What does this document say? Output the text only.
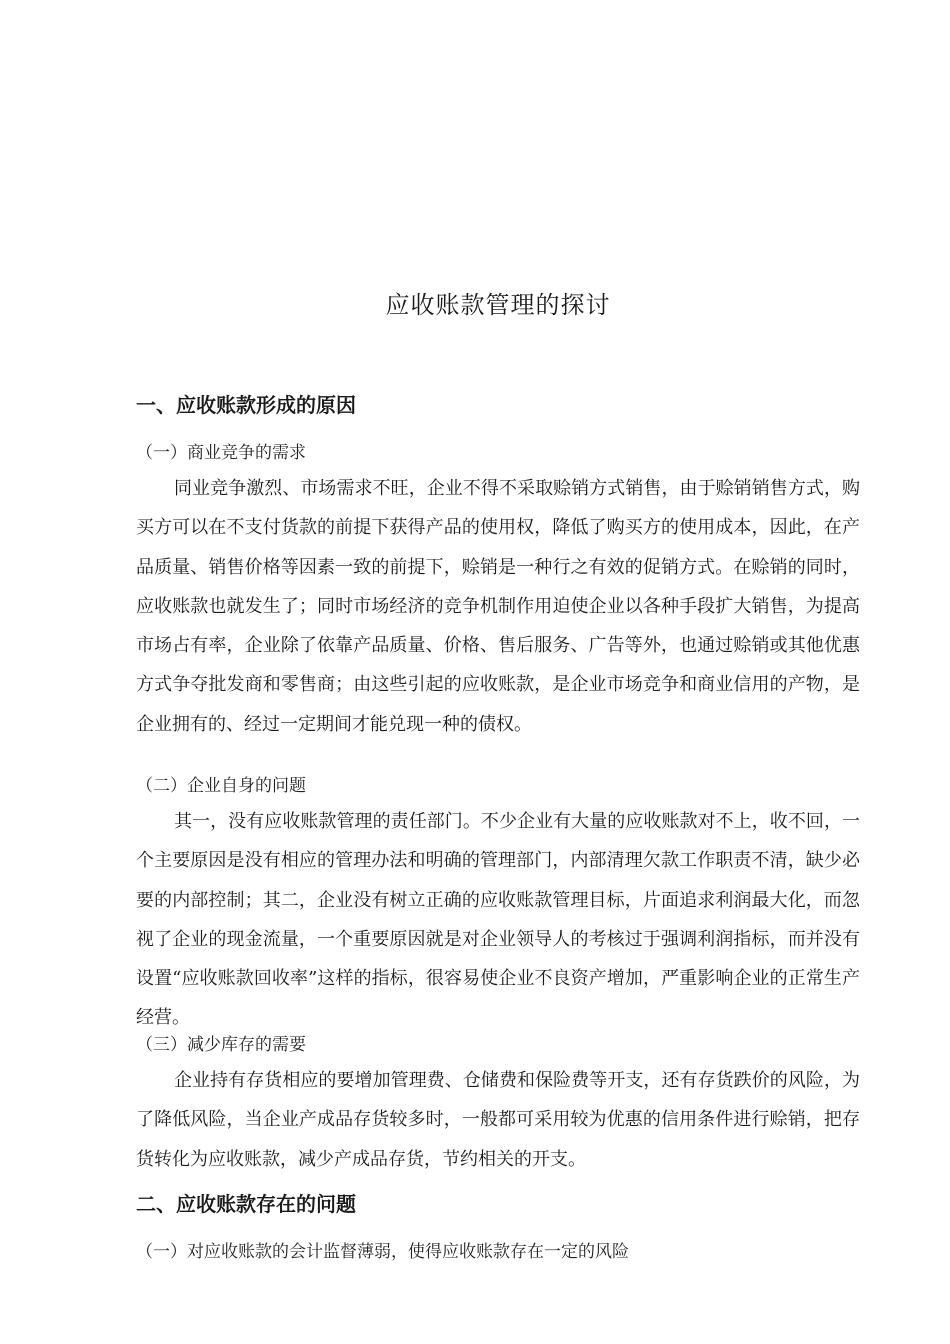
应收账款管理的探讨
一、应收账款形成的原因
（一）商业竞争的需求
同业竞争激烈、市场需求不旺，企业不得不采取赊销方式销售，由于赊销销售方式，购买方可以在不支付货款的前提下获得产品的使用权，降低了购买方的使用成本，因此，在产品质量、销售价格等因素一致的前提下，赊销是一种行之有效的促销方式。在赊销的同时，应收账款也就发生了；同时市场经济的竞争机制作用迫使企业以各种手段扩大销售，为提高市场占有率，企业除了依靠产品质量、价格、售后服务、广告等外，也通过赊销或其他优惠方式争夺批发商和零售商；由这些引起的应收账款，是企业市场竞争和商业信用的产物，是企业拥有的、经过一定期间才能兑现一种的债权。
（二）企业自身的问题
其一，没有应收账款管理的责任部门。不少企业有大量的应收账款对不上，收不回，一个主要原因是没有相应的管理办法和明确的管理部门，内部清理欠款工作职责不清，缺少必要的内部控制；其二，企业没有树立正确的应收账款管理目标，片面追求利润最大化，而忽视了企业的现金流量，一个重要原因就是对企业领导人的考核过于强调利润指标，而并没有设置“应收账款回收率”这样的指标，很容易使企业不良资产增加，严重影响企业的正常生产经营。
（三）减少库存的需要
企业持有存货相应的要增加管理费、仓储费和保险费等开支，还有存货跌价的风险，为了降低风险，当企业产成品存货较多时，一般都可采用较为优惠的信用条件进行赊销，把存货转化为应收账款，减少产成品存货，节约相关的开支。
二、应收账款存在的问题
（一）对应收账款的会计监督薄弱，使得应收账款存在一定的风险
